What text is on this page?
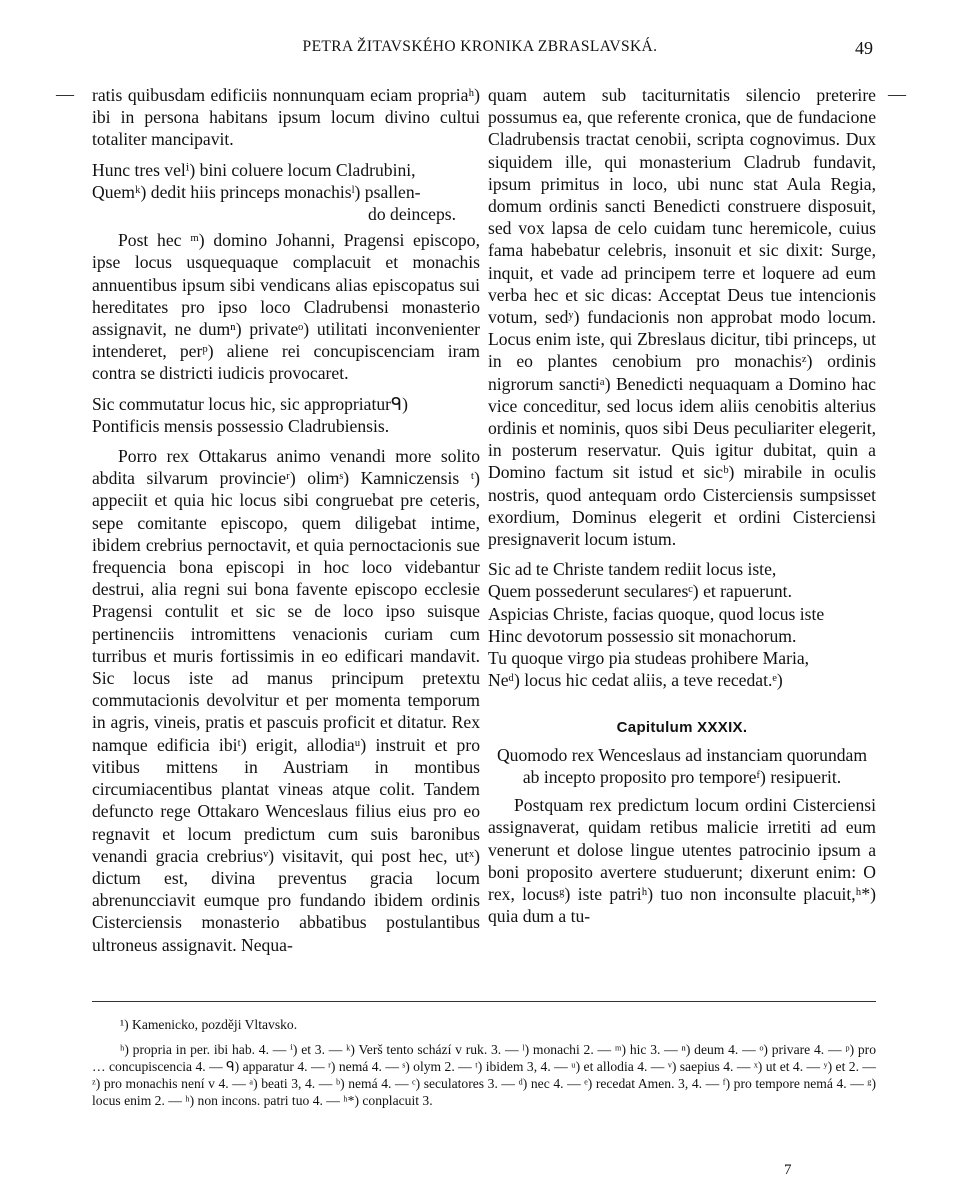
PETRA ŽITAVSKÉHO KRONIKA ZBRASLAVSKÁ.	49
—	—

ratis quibusdam edificiis nonnunquam eciam propriaʰ) ibi in persona habitans ipsum locum divino cultui totaliter mancipavit.

Hunc tres velⁱ) bini coluere locum Cladrubini,
Quemᵏ) dedit hiis princeps monachisˡ) psallen-
do deinceps.

Post hec ᵐ) domino Johanni, Pragensi episcopo, ipse locus usquequaque complacuit et monachis annuentibus ipsum sibi vendicans alias episcopatus sui hereditates pro ipso loco Cladrubensi monasterio assignavit, ne dumⁿ) privateᵒ) utilitati inconvenienter intenderet, perᵖ) aliene rei concupiscenciam iram contra se districti iudicis provocaret.

Sic commutatur locus hic, sic appropriaturᑫ)
Pontificis mensis possessio Cladrubiensis.

Porro rex Ottakarus animo venandi more solito abdita silvarum provincieʳ) olimˢ) Kamniczensis ᵗ) appeciit et quia hic locus sibi congruebat pre ceteris, sepe comitante episcopo, quem diligebat intime, ibidem crebrius pernoctavit, et quia pernoctacionis sue frequencia bona episcopi in hoc loco videbantur destrui, alia regni sui bona favente episcopo ecclesie Pragensi contulit et sic se de loco ipso suisque pertinenciis intromittens venacionis curiam cum turribus et muris fortissimis in eo edificari mandavit. Sic locus iste ad manus principum pretextu commutacionis devolvitur et per momenta temporum in agris, vineis, pratis et pascuis proficit et ditatur. Rex namque edificia ibiᵗ) erigit, allodiaᵘ) instruit et pro vitibus mittens in Austriam in montibus circumiacentibus plantat vineas atque colit. Tandem defuncto rege Ottakaro Wenceslaus filius eius pro eo regnavit et locum predictum cum suis baronibus venandi gracia crebriusᵛ) visitavit, qui post hec, utˣ) dictum est, divina preventus gracia locum abrenuncciavit eumque pro fundando ibidem ordinis Cisterciensis monasterio abbatibus postulantibus ultroneus assignavit. Nequa-

quam autem sub taciturnitatis silencio preterire possumus ea, que referente cronica, que de fundacione Cladrubensis tractat cenobii, scripta cognovimus. Dux siquidem ille, qui monasterium Cladrub fundavit, ipsum primitus in loco, ubi nunc stat Aula Regia, domum ordinis sancti Benedicti construere disposuit, sed vox lapsa de celo cuidam tunc heremicole, cuius fama habebatur celebris, insonuit et sic dixit: Surge, inquit, et vade ad principem terre et loquere ad eum verba hec et sic dicas: Acceptat Deus tue intencionis votum, sedʸ) fundacionis non approbat modo locum. Locus enim iste, qui Zbreslaus dicitur, tibi princeps, ut in eo plantes cenobium pro monachisᶻ) ordinis nigrorum sanctiᵃ) Benedicti nequaquam a Domino hac vice conceditur, sed locus idem aliis cenobitis alterius ordinis et nominis, quos sibi Deus peculiariter elegerit, in posterum reservatur. Quis igitur dubitat, quin a Domino factum sit istud et sicᵇ) mirabile in oculis nostris, quod antequam ordo Cisterciensis sumpsisset exordium, Dominus elegerit et ordini Cisterciensi presignaverit locum istum.

Sic ad te Christe tandem rediit locus iste,
Quem possederunt secularesᶜ) et rapuerunt.
Aspicias Christe, facias quoque, quod locus iste
Hinc devotorum possessio sit monachorum.
Tu quoque virgo pia studeas prohibere Maria,
Neᵈ) locus hic cedat aliis, a teve recedat.ᵉ)
Capitulum XXXIX.
Quomodo rex Wenceslaus ad instanciam quorundam ab incepto proposito pro temporeᶠ) resipuerit.

Postquam rex predictum locum ordini Cisterciensi assignaverat, quidam retibus malicie irretiti ad eum venerunt et dolose lingue utentes patrocinio ipsum a boni proposito avertere studuerunt; dixerunt enim: O rex, locusᵍ) iste patriʰ) tuo non inconsulte placuit,ʰ*) quia dum a tu-

¹) Kamenicko, později Vltavsko.

ʰ) propria in per. ibi hab. 4. — ⁱ) et 3. — ᵏ) Verš tento schází v ruk. 3. — ˡ) monachi 2. — ᵐ) hic 3. — ⁿ) deum 4. — ᵒ) privare 4. — ᵖ) pro … concupiscencia 4. — ᑫ) apparatur 4. — ʳ) nemá 4. — ˢ) olym 2. — ᵗ) ibidem 3, 4. — ᵘ) et allodia 4. — ᵛ) saepius 4. — ˣ) ut et 4. — ʸ) et 2. — ᶻ) pro monachis není v 4. — ᵃ) beati 3, 4. — ᵇ) nemá 4. — ᶜ) seculatores 3. — ᵈ) nec 4. — ᵉ) recedat Amen. 3, 4. — ᶠ) pro tempore nemá 4. — ᵍ) locus enim 2. — ʰ) non incons. patri tuo 4. — ʰ*) conplacuit 3.

7
